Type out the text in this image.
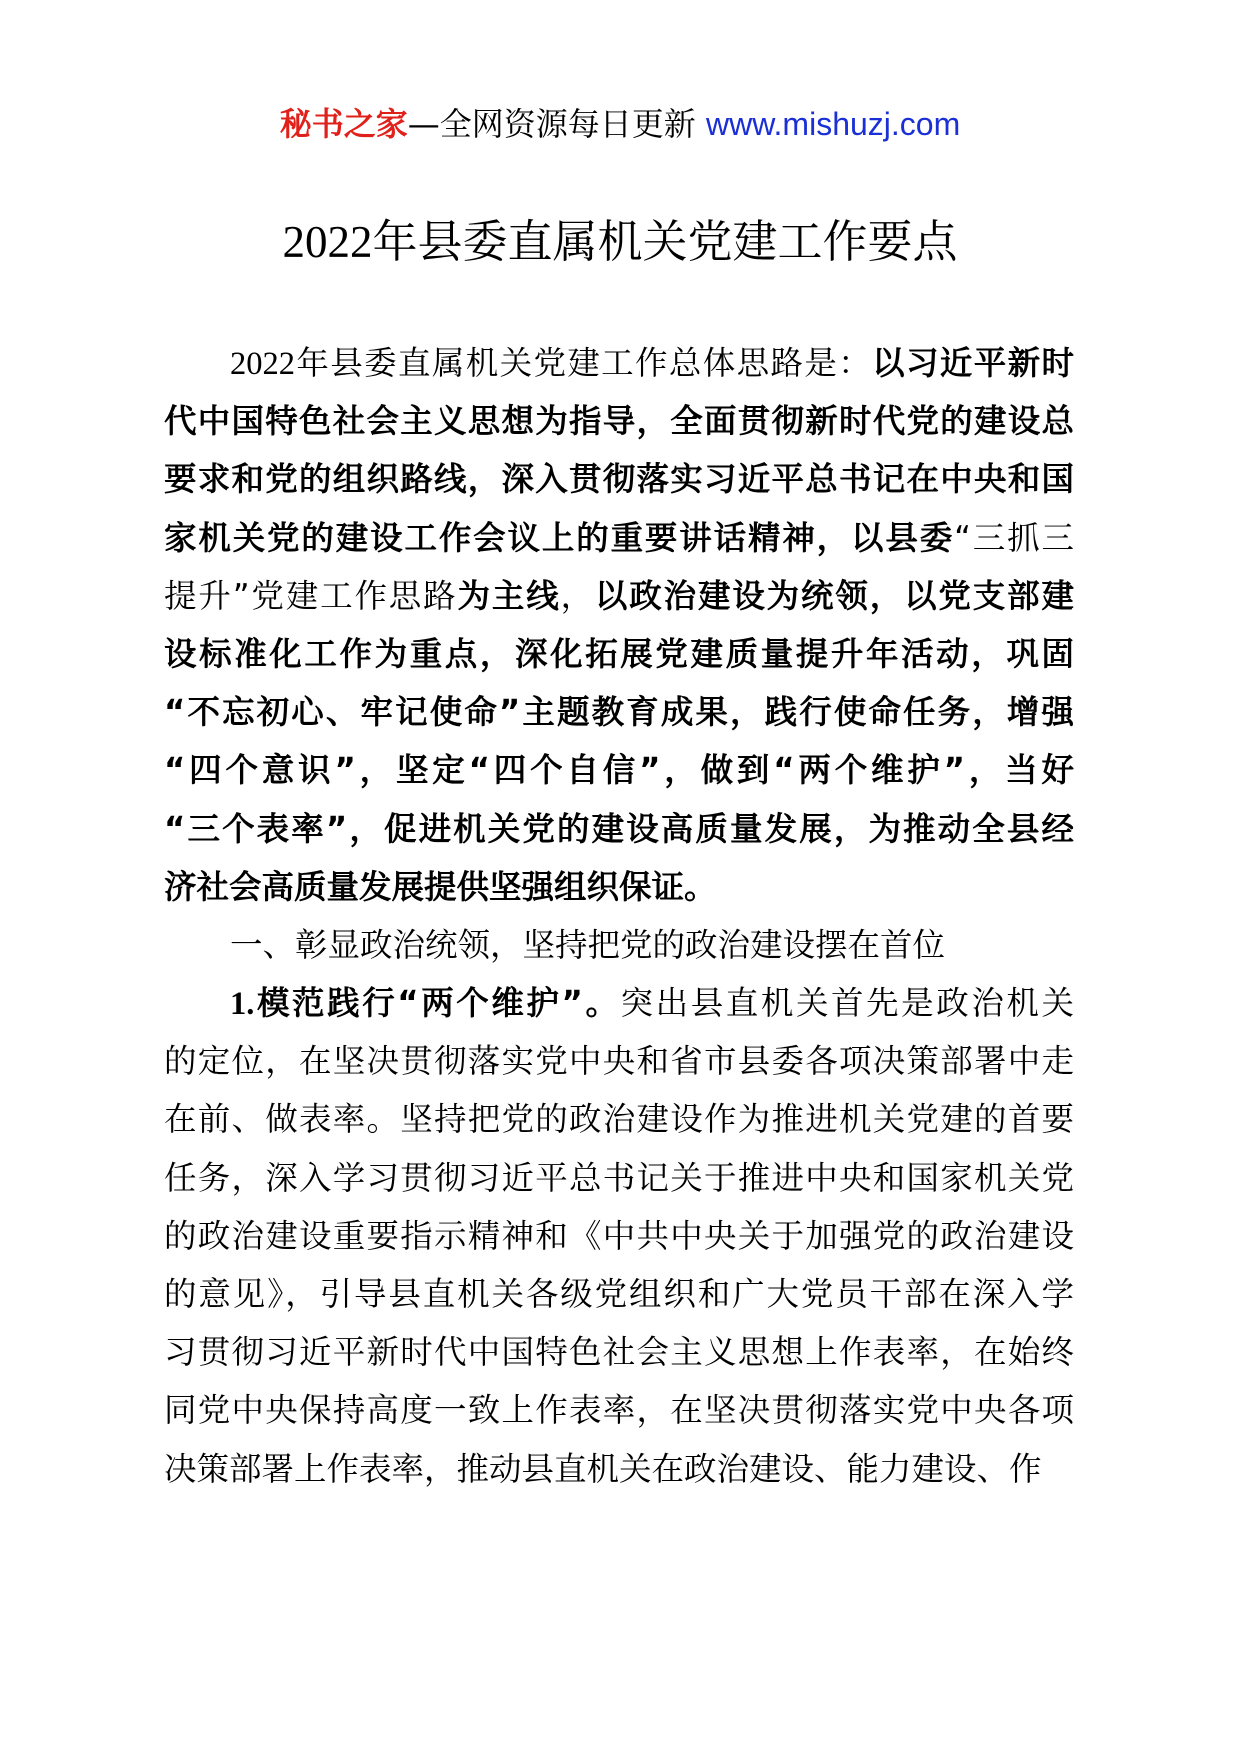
秘书之家—全网资源每日更新 www.mishuzj.com
2022年县委直属机关党建工作要点
2022年县委直属机关党建工作总体思路是：以习近平新时
代中国特色社会主义思想为指导，全面贯彻新时代党的建设总
要求和党的组织路线，深入贯彻落实习近平总书记在中央和国
家机关党的建设工作会议上的重要讲话精神，以县委“三抓三
提升”党建工作思路为主线，以政治建设为统领，以党支部建
设标准化工作为重点，深化拓展党建质量提升年活动，巩固
“不忘初心、牢记使命”主题教育成果，践行使命任务，增强
“四个意识”，坚定“四个自信”，做到“两个维护”，当好
“三个表率”，促进机关党的建设高质量发展，为推动全县经
济社会高质量发展提供坚强组织保证。
一、彰显政治统领，坚持把党的政治建设摆在首位
1.模范践行“两个维护”。突出县直机关首先是政治机关
的定位，在坚决贯彻落实党中央和省市县委各项决策部署中走
在前、做表率。坚持把党的政治建设作为推进机关党建的首要
任务，深入学习贯彻习近平总书记关于推进中央和国家机关党
的政治建设重要指示精神和《中共中央关于加强党的政治建设
的意见》，引导县直机关各级党组织和广大党员干部在深入学
习贯彻习近平新时代中国特色社会主义思想上作表率，在始终
同党中央保持高度一致上作表率，在坚决贯彻落实党中央各项
决策部署上作表率，推动县直机关在政治建设、能力建设、作
